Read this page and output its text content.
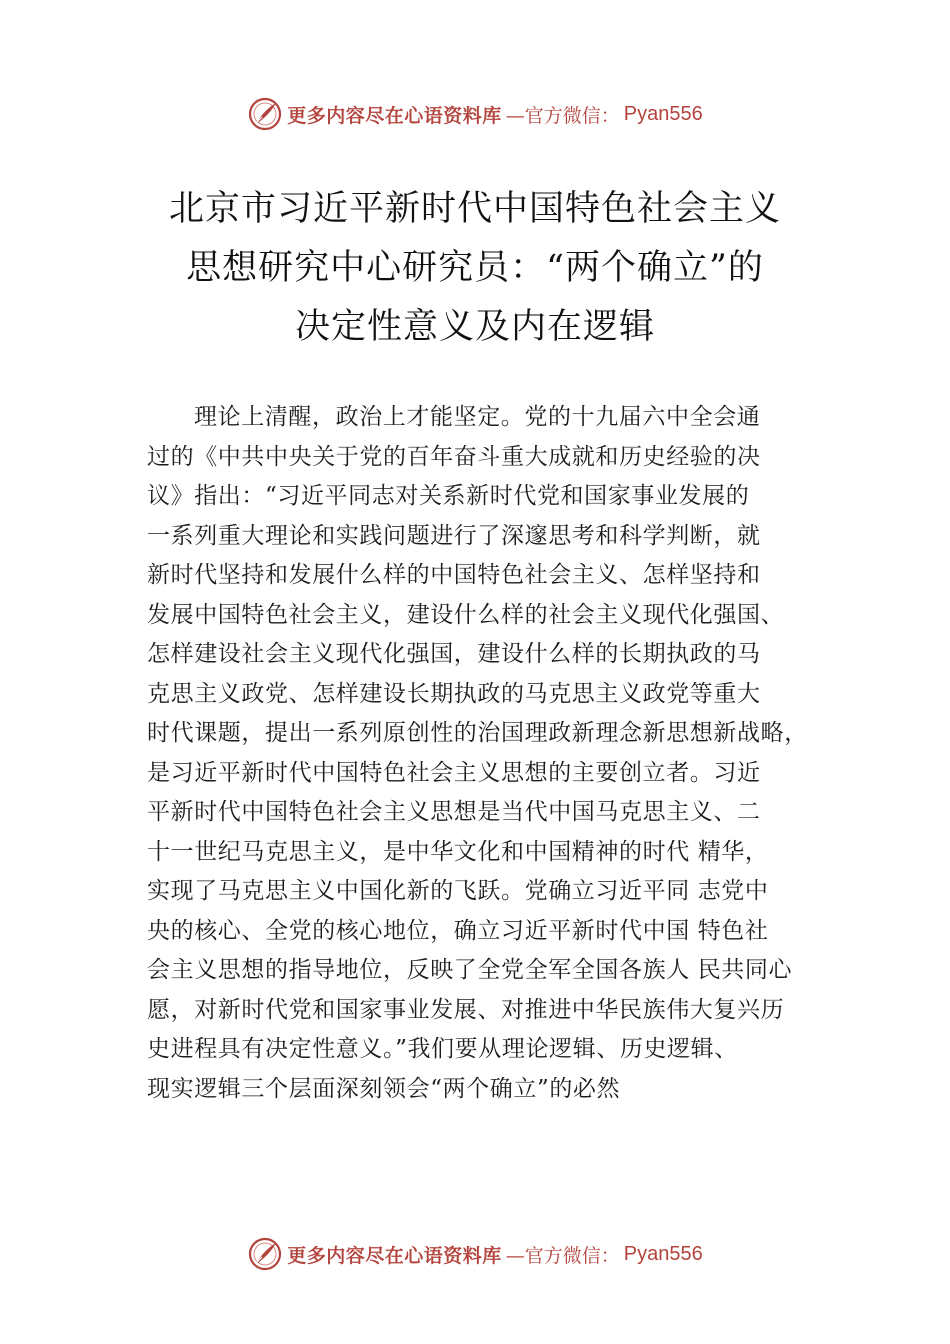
更多内容尽在心语资料库 —官方微信： Pyan556
北京市习近平新时代中国特色社会主义
思想研究中心研究员：“两个确立”的
决定性意义及内在逻辑
理论上清醒，政治上才能坚定。党的十九届六中全会通
过的《中共中央关于党的百年奋斗重大成就和历史经验的决
议》指出：“习近平同志对关系新时代党和国家事业发展的
一系列重大理论和实践问题进行了深邃思考和科学判断，就
新时代坚持和发展什么样的中国特色社会主义、怎样坚持和
发展中国特色社会主义，建设什么样的社会主义现代化强国、
怎样建设社会主义现代化强国，建设什么样的长期执政的马
克思主义政党、怎样建设长期执政的马克思主义政党等重大
时代课题，提出一系列原创性的治国理政新理念新思想新战略，
是习近平新时代中国特色社会主义思想的主要创立者。习近
平新时代中国特色社会主义思想是当代中国马克思主义、二
十一世纪马克思主义，是中华文化和中国精神的时代 精华，
实现了马克思主义中国化新的飞跃。党确立习近平同 志党中
央的核心、全党的核心地位，确立习近平新时代中国 特色社
会主义思想的指导地位，反映了全党全军全国各族人 民共同心
愿，对新时代党和国家事业发展、对推进中华民族伟大复兴历
史进程具有决定性意义。”我们要从理论逻辑、历史逻辑、
现实逻辑三个层面深刻领会“两个确立”的必然
更多内容尽在心语资料库 —官方微信： Pyan556
